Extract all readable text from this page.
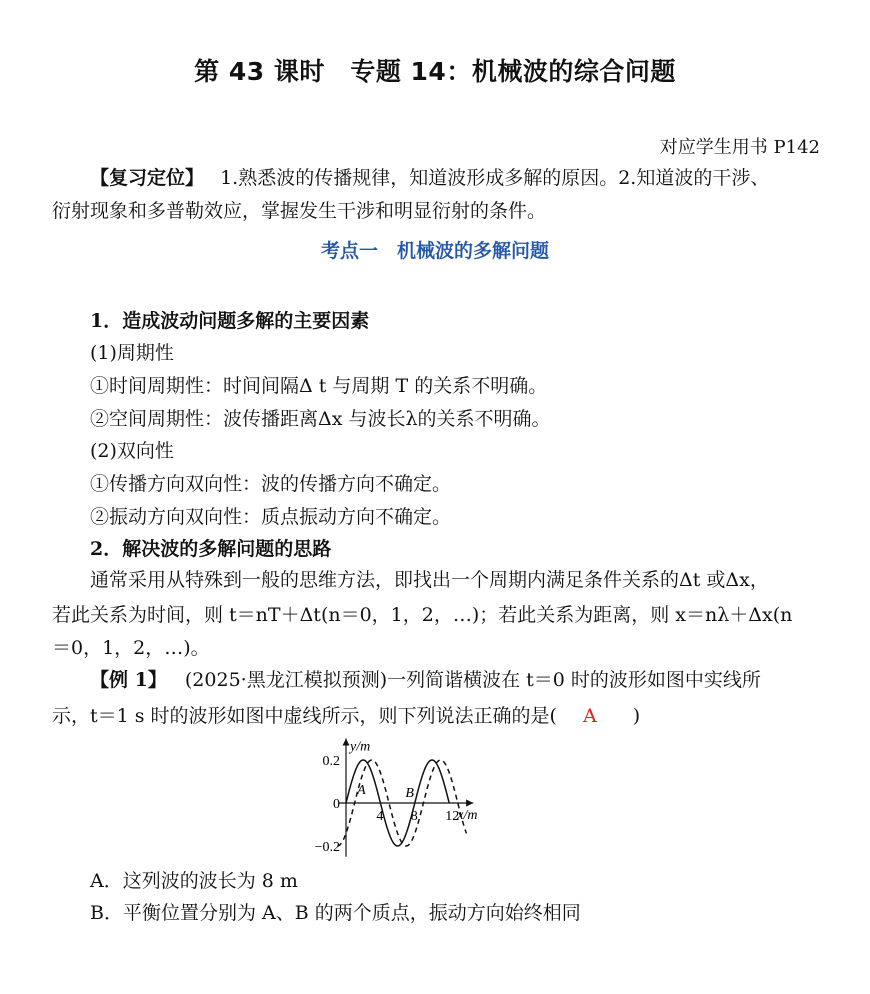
第 43 课时　专题 14：机械波的综合问题
对应学生用书 P142
【复习定位】 1.熟悉波的传播规律，知道波形成多解的原因。2.知道波的干涉、
衍射现象和多普勒效应，掌握发生干涉和明显衍射的条件。
考点一　机械波的多解问题
1．造成波动问题多解的主要因素
(1)周期性
①时间周期性：时间间隔Δ t 与周期 T 的关系不明确。
②空间周期性：波传播距离Δx 与波长λ的关系不明确。
(2)双向性
①传播方向双向性：波的传播方向不确定。
②振动方向双向性：质点振动方向不确定。
2．解决波的多解问题的思路
通常采用从特殊到一般的思维方法，即找出一个周期内满足条件关系的Δt 或Δx，
若此关系为时间，则 t＝nT＋Δt(n＝0，1，2，…)；若此关系为距离，则 x＝nλ＋Δx(n
＝0，1，2，…)。
【例 1】 (2025·黑龙江模拟预测)一列简谐横波在 t＝0 时的波形如图中实线所
示，t＝1 s 时的波形如图中虚线所示，则下列说法正确的是( A )
x/m
y/m
4 8 12
0.2
0
−0.2
A	B
A．这列波的波长为 8 m
B．平衡位置分别为 A、B 的两个质点，振动方向始终相同
